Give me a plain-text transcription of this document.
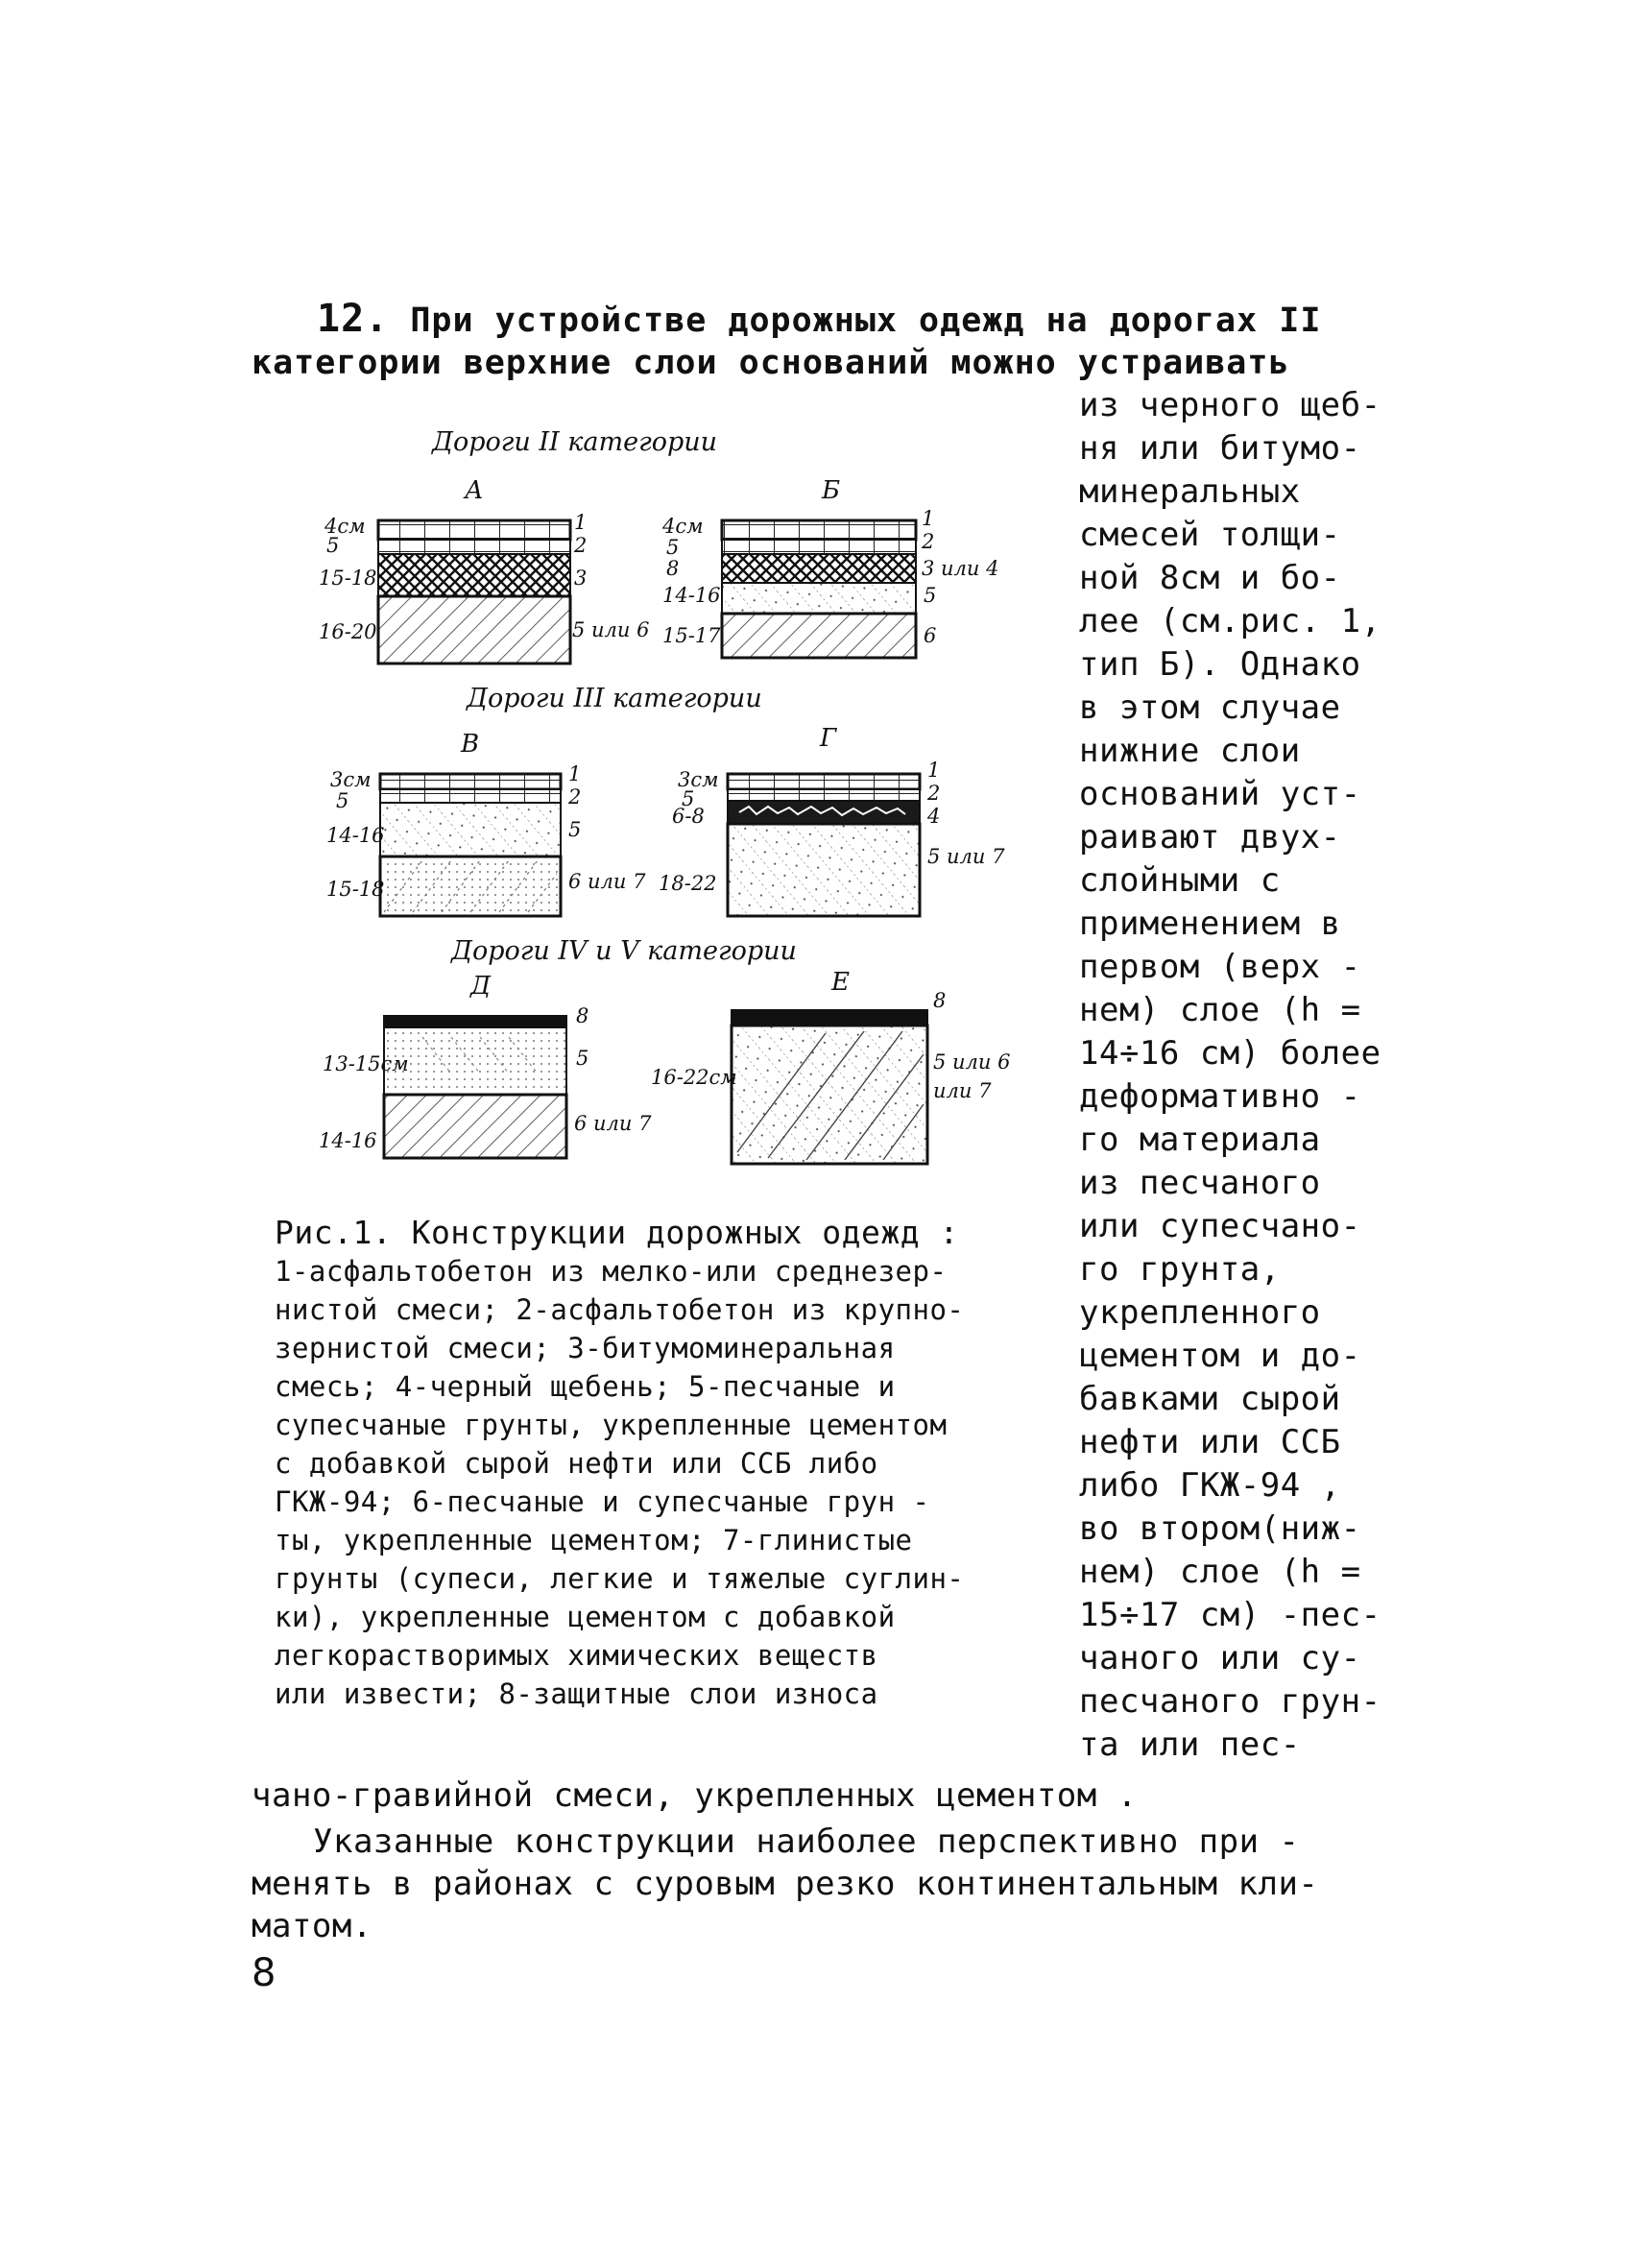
12. При устройстве дорожных одежд на дорогах II

категории верхние слои оснований можно устраивать

из черного щеб-

ня или битумо-

минеральных

смесей толщи-

ной 8см и бо-

лее (см.рис. 1,

тип Б). Однако

в этом случае

нижние слои

оснований уст-

раивают двух-

слойными с

применением в

первом (верх -

нем) слое (h =

14÷16 см) более

деформативно -

го материала

из песчаного

или супесчано-

го грунта,

укрепленного

цементом и до-

бавками сырой

нефти или ССБ

либо ГКЖ-94 ,

во втором(ниж-

нем) слое (h =

15÷17 см) -пес-

чаного или су-

песчаного грун-

та или пес-

Дороги II категории

Дороги III категории

Дороги IV и V категории

А	Б

В	Г

Д	Е

4см

5

15-18

16-20

1

2

3

5 или 6

4см

5

8

14-16

15-17

1

2

3 или 4

5

6

3см

5

14-16

15-18

1

2

5

6 или 7

3см

5

6-8

18-22

1

2

4

5 или 7

13-15см

14-16

8

5

6 или 7

16-22см

8

5 или 6

или 7

Рис.1. Конструкции дорожных одежд :

1-асфальтобетон из мелко-или среднезер-

нистой смеси; 2-асфальтобетон из крупно-

зернистой смеси; 3-битумоминеральная

смесь; 4-черный щебень; 5-песчаные и

супесчаные грунты, укрепленные цементом

с добавкой сырой нефти или ССБ либо

ГКЖ-94; 6-песчаные и супесчаные грун -

ты, укрепленные цементом; 7-глинистые

грунты (супеси, легкие и тяжелые суглин-

ки), укрепленные цементом с добавкой

легкорастворимых химических веществ

или извести; 8-защитные слои износа

чано-гравийной смеси, укрепленных цементом .

Указанные конструкции наиболее перспективно при -

менять в районах с суровым резко континентальным кли-

матом.

8
